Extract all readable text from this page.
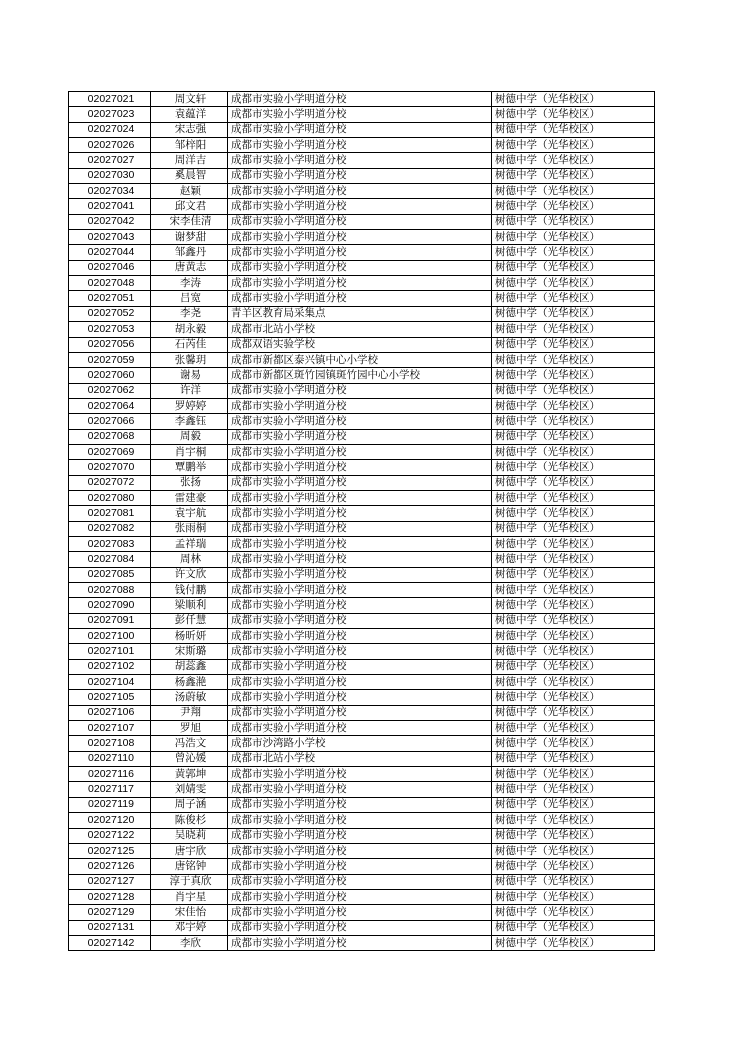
02027021	周文轩	成都市实验小学明道分校	树德中学（光华校区）
02027023	袁蕴洋	成都市实验小学明道分校	树德中学（光华校区）
02027024	宋志强	成都市实验小学明道分校	树德中学（光华校区）
02027026	邹梓阳	成都市实验小学明道分校	树德中学（光华校区）
02027027	周洋吉	成都市实验小学明道分校	树德中学（光华校区）
02027030	奚晨智	成都市实验小学明道分校	树德中学（光华校区）
02027034	赵颖	成都市实验小学明道分校	树德中学（光华校区）
02027041	邱文君	成都市实验小学明道分校	树德中学（光华校区）
02027042	宋李佳清	成都市实验小学明道分校	树德中学（光华校区）
02027043	谢梦甜	成都市实验小学明道分校	树德中学（光华校区）
02027044	邹鑫丹	成都市实验小学明道分校	树德中学（光华校区）
02027046	唐黄志	成都市实验小学明道分校	树德中学（光华校区）
02027048	李涛	成都市实验小学明道分校	树德中学（光华校区）
02027051	吕宽	成都市实验小学明道分校	树德中学（光华校区）
02027052	李尧	青羊区教育局采集点	树德中学（光华校区）
02027053	胡永毅	成都市北站小学校	树德中学（光华校区）
02027056	石芮佳	成都双语实验学校	树德中学（光华校区）
02027059	张馨玥	成都市新都区泰兴镇中心小学校	树德中学（光华校区）
02027060	谢易	成都市新都区斑竹园镇斑竹园中心小学校	树德中学（光华校区）
02027062	许洋	成都市实验小学明道分校	树德中学（光华校区）
02027064	罗婷婷	成都市实验小学明道分校	树德中学（光华校区）
02027066	李鑫钰	成都市实验小学明道分校	树德中学（光华校区）
02027068	周毅	成都市实验小学明道分校	树德中学（光华校区）
02027069	肖宇桐	成都市实验小学明道分校	树德中学（光华校区）
02027070	覃鹏举	成都市实验小学明道分校	树德中学（光华校区）
02027072	张扬	成都市实验小学明道分校	树德中学（光华校区）
02027080	雷建豪	成都市实验小学明道分校	树德中学（光华校区）
02027081	袁宇航	成都市实验小学明道分校	树德中学（光华校区）
02027082	张雨桐	成都市实验小学明道分校	树德中学（光华校区）
02027083	孟祥瑞	成都市实验小学明道分校	树德中学（光华校区）
02027084	周林	成都市实验小学明道分校	树德中学（光华校区）
02027085	许文欣	成都市实验小学明道分校	树德中学（光华校区）
02027088	钱付鹏	成都市实验小学明道分校	树德中学（光华校区）
02027090	梁顺利	成都市实验小学明道分校	树德中学（光华校区）
02027091	彭仟慧	成都市实验小学明道分校	树德中学（光华校区）
02027100	杨昕妍	成都市实验小学明道分校	树德中学（光华校区）
02027101	宋斯璐	成都市实验小学明道分校	树德中学（光华校区）
02027102	胡蕊鑫	成都市实验小学明道分校	树德中学（光华校区）
02027104	杨鑫滟	成都市实验小学明道分校	树德中学（光华校区）
02027105	汤蔚敏	成都市实验小学明道分校	树德中学（光华校区）
02027106	尹翔	成都市实验小学明道分校	树德中学（光华校区）
02027107	罗旭	成都市实验小学明道分校	树德中学（光华校区）
02027108	冯浩文	成都市沙湾路小学校	树德中学（光华校区）
02027110	曾沁媛	成都市北站小学校	树德中学（光华校区）
02027116	黄郭坤	成都市实验小学明道分校	树德中学（光华校区）
02027117	刘婧雯	成都市实验小学明道分校	树德中学（光华校区）
02027119	周子涵	成都市实验小学明道分校	树德中学（光华校区）
02027120	陈俊杉	成都市实验小学明道分校	树德中学（光华校区）
02027122	吴晓莉	成都市实验小学明道分校	树德中学（光华校区）
02027125	唐宇欣	成都市实验小学明道分校	树德中学（光华校区）
02027126	唐铭钟	成都市实验小学明道分校	树德中学（光华校区）
02027127	淳于真欣	成都市实验小学明道分校	树德中学（光华校区）
02027128	肖宇星	成都市实验小学明道分校	树德中学（光华校区）
02027129	宋佳怡	成都市实验小学明道分校	树德中学（光华校区）
02027131	邓宇婷	成都市实验小学明道分校	树德中学（光华校区）
02027142	李欣	成都市实验小学明道分校	树德中学（光华校区）
